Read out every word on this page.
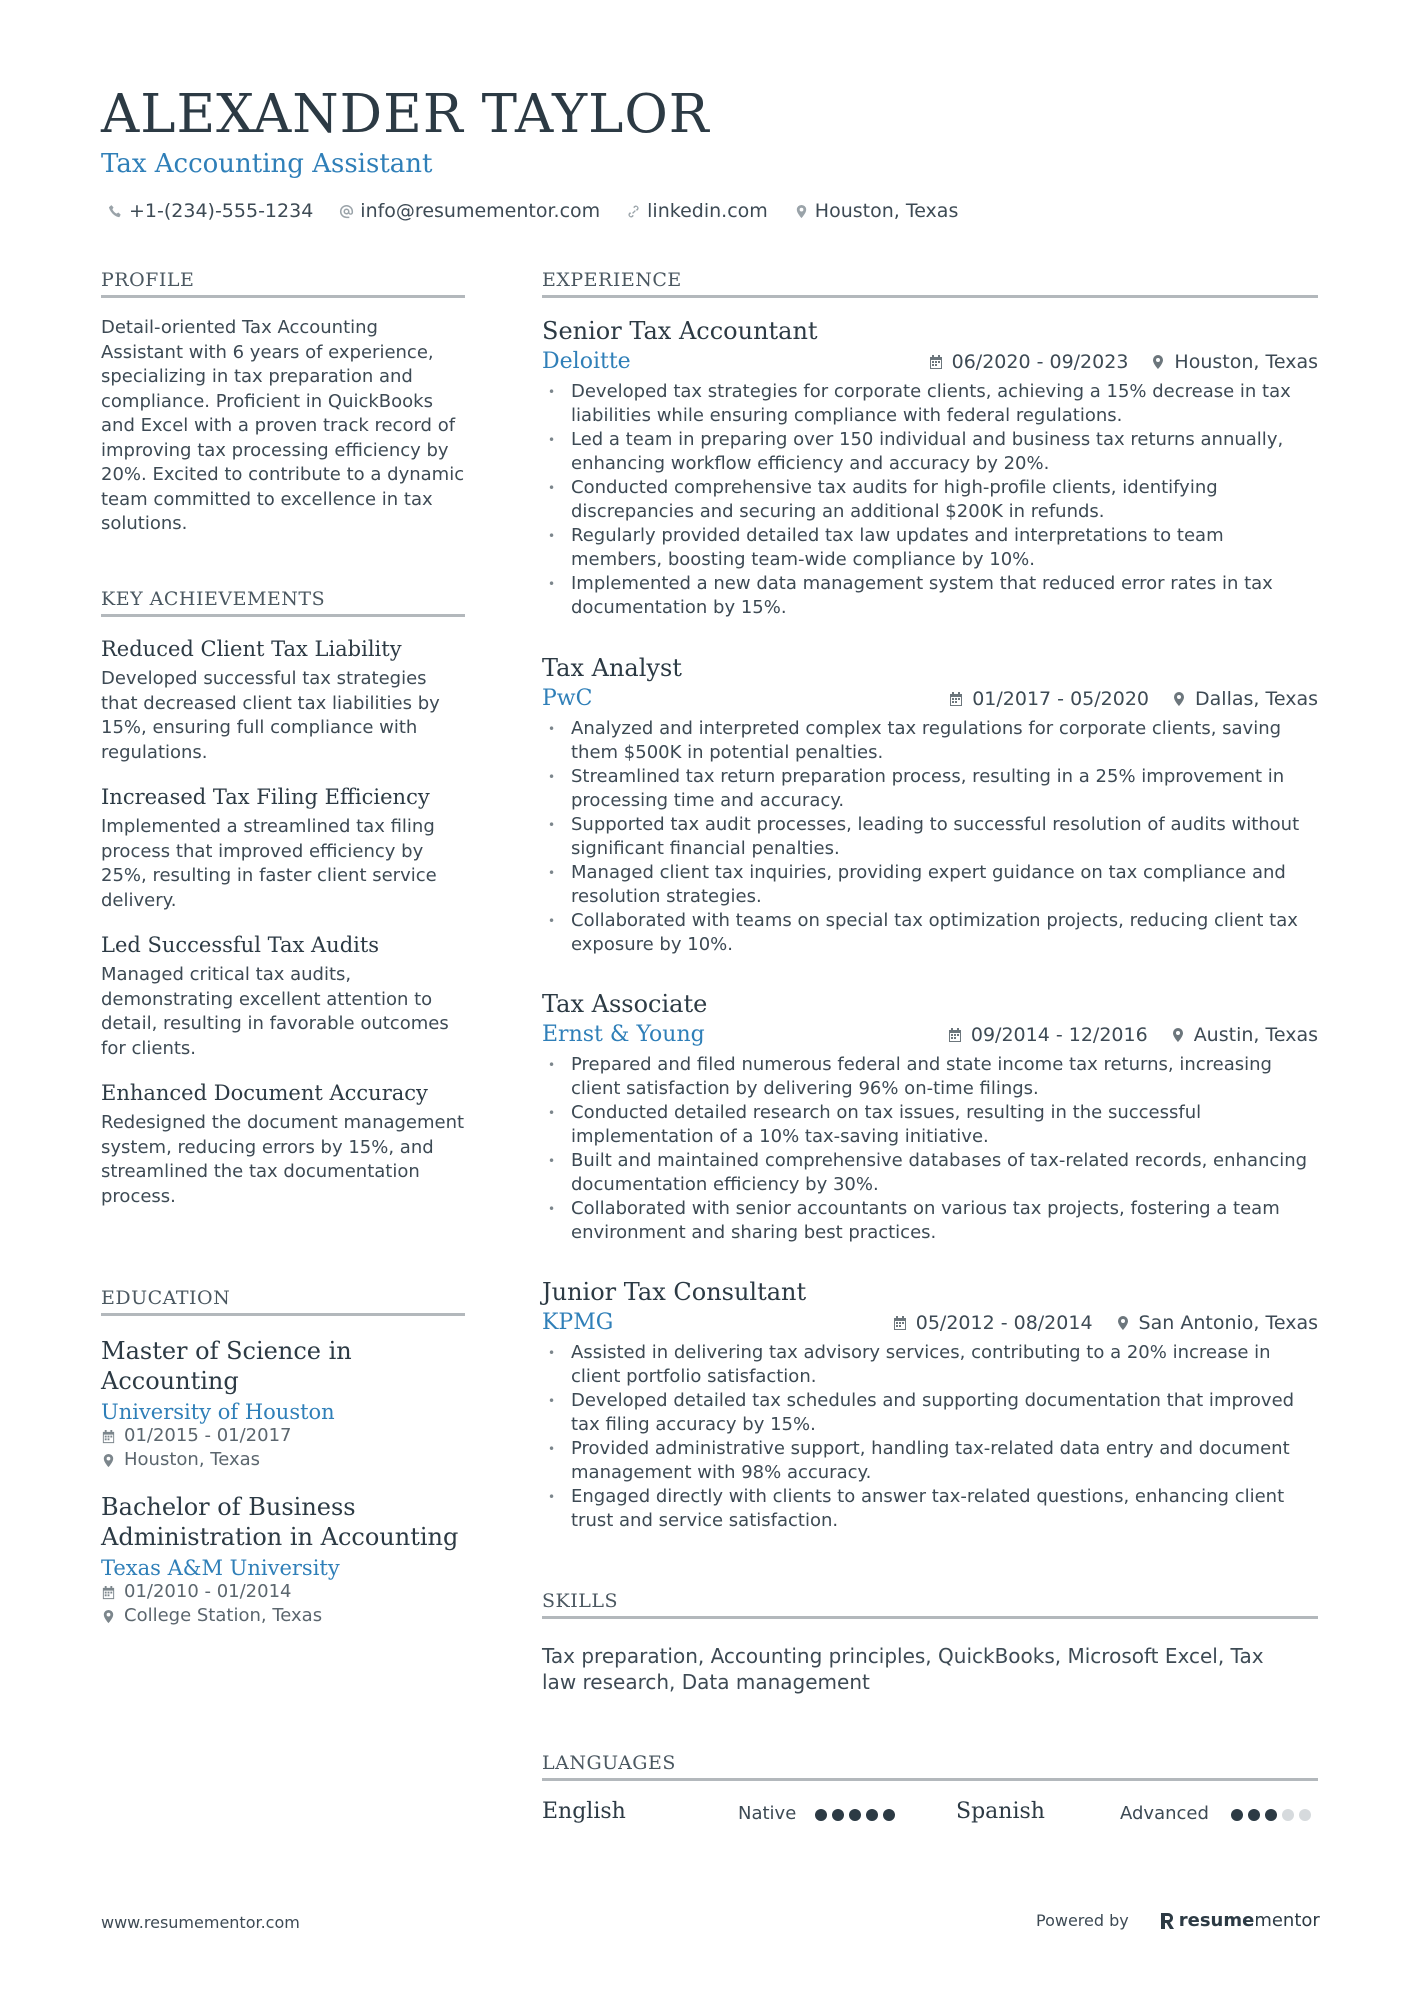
ALEXANDER TAYLOR
Tax Accounting Assistant
+1-(234)-555-1234 info@resumementor.com linkedin.com Houston, Texas
PROFILE

Detail-oriented Tax Accounting Assistant with 6 years of experience, specializing in tax preparation and compliance. Proficient in QuickBooks and Excel with a proven track record of improving tax processing efficiency by 20%. Excited to contribute to a dynamic team committed to excellence in tax solutions.

KEY ACHIEVEMENTS
Reduced Client Tax Liability

Developed successful tax strategies that decreased client tax liabilities by 15%, ensuring full compliance with regulations.

Increased Tax Filing Efficiency

Implemented a streamlined tax filing process that improved efficiency by 25%, resulting in faster client service delivery.

Led Successful Tax Audits

Managed critical tax audits, demonstrating excellent attention to detail, resulting in favorable outcomes for clients.

Enhanced Document Accuracy

Redesigned the document management system, reducing errors by 15%, and streamlined the tax documentation process.

EDUCATION
Master of Science in Accounting
University of Houston
01/2015 - 01/2017
Houston, Texas
Bachelor of Business Administration in Accounting
Texas A&M University
01/2010 - 01/2014
College Station, Texas
EXPERIENCE
Senior Tax Accountant
Deloitte	06/2020 - 09/2023 Houston, Texas
• Developed tax strategies for corporate clients, achieving a 15% decrease in tax liabilities while ensuring compliance with federal regulations.
• Led a team in preparing over 150 individual and business tax returns annually, enhancing workflow efficiency and accuracy by 20%.
• Conducted comprehensive tax audits for high-profile clients, identifying discrepancies and securing an additional $200K in refunds.
• Regularly provided detailed tax law updates and interpretations to team members, boosting team-wide compliance by 10%.
• Implemented a new data management system that reduced error rates in tax documentation by 15%.
Tax Analyst
PwC	01/2017 - 05/2020 Dallas, Texas
• Analyzed and interpreted complex tax regulations for corporate clients, saving them $500K in potential penalties.
• Streamlined tax return preparation process, resulting in a 25% improvement in processing time and accuracy.
• Supported tax audit processes, leading to successful resolution of audits without significant financial penalties.
• Managed client tax inquiries, providing expert guidance on tax compliance and resolution strategies.
• Collaborated with teams on special tax optimization projects, reducing client tax exposure by 10%.
Tax Associate
Ernst & Young	09/2014 - 12/2016 Austin, Texas
• Prepared and filed numerous federal and state income tax returns, increasing client satisfaction by delivering 96% on-time filings.
• Conducted detailed research on tax issues, resulting in the successful implementation of a 10% tax-saving initiative.
• Built and maintained comprehensive databases of tax-related records, enhancing documentation efficiency by 30%.
• Collaborated with senior accountants on various tax projects, fostering a team environment and sharing best practices.
Junior Tax Consultant
KPMG	05/2012 - 08/2014 San Antonio, Texas
• Assisted in delivering tax advisory services, contributing to a 20% increase in client portfolio satisfaction.
• Developed detailed tax schedules and supporting documentation that improved tax filing accuracy by 15%.
• Provided administrative support, handling tax-related data entry and document management with 98% accuracy.
• Engaged directly with clients to answer tax-related questions, enhancing client trust and service satisfaction.
SKILLS

Tax preparation, Accounting principles, QuickBooks, Microsoft Excel, Tax law research, Data management

LANGUAGES
English	Native	Spanish	Advanced
www.resumementor.com	Powered by	resumementor
